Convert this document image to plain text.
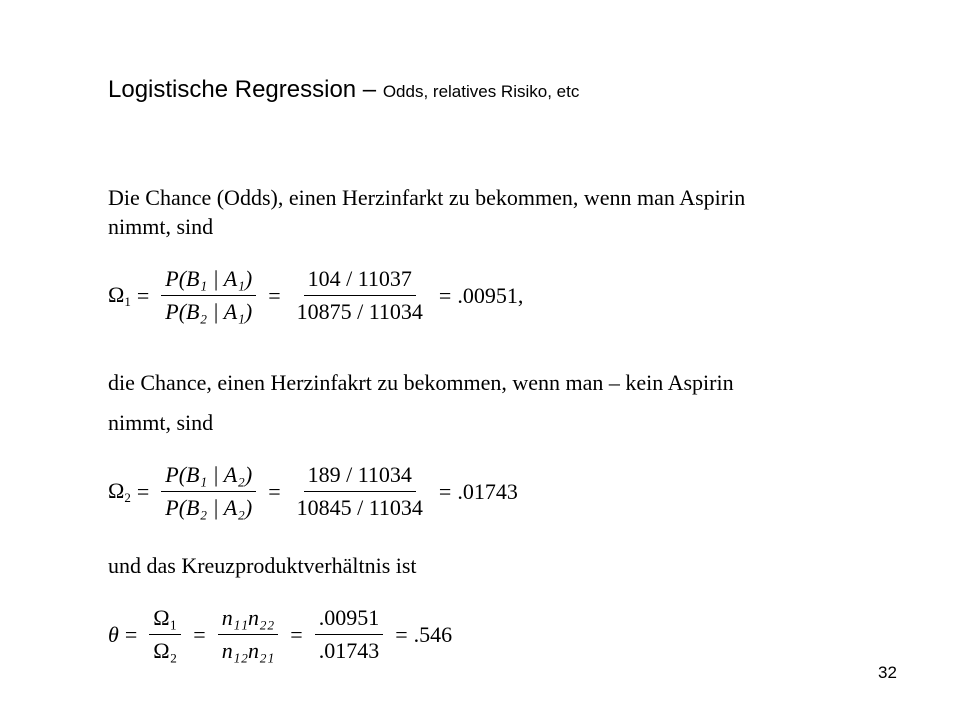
Logistische Regression – Odds, relatives Risiko, etc
Die Chance (Odds), einen Herzinfarkt zu bekommen, wenn man Aspirin
nimmt, sind
$\Omega_1 = \frac{\text{P(B₁ | A₁)}}{\text{P(B₂ | A₁)}} = \frac{104 / 11037}{10875 / 11034} = .00951$,
die Chance, einen Herzinfakrt zu bekommen, wenn man – kein Aspirin
nimmt, sind
$\Omega_2 = \frac{\text{P(B₁ | A₂)}}{\text{P(B₂ | A₂)}} = \frac{189 / 11034}{10845 / 11034} = .01743$
und das Kreuzproduktverhältnis ist
$\theta = \frac{\text{Ω₁}}{\text{Ω₂}} = \frac{\text{n₁₁n₂₂}}{\text{n₁₂n₂₁}} = \frac{.00951}{.01743} = .546$
32
